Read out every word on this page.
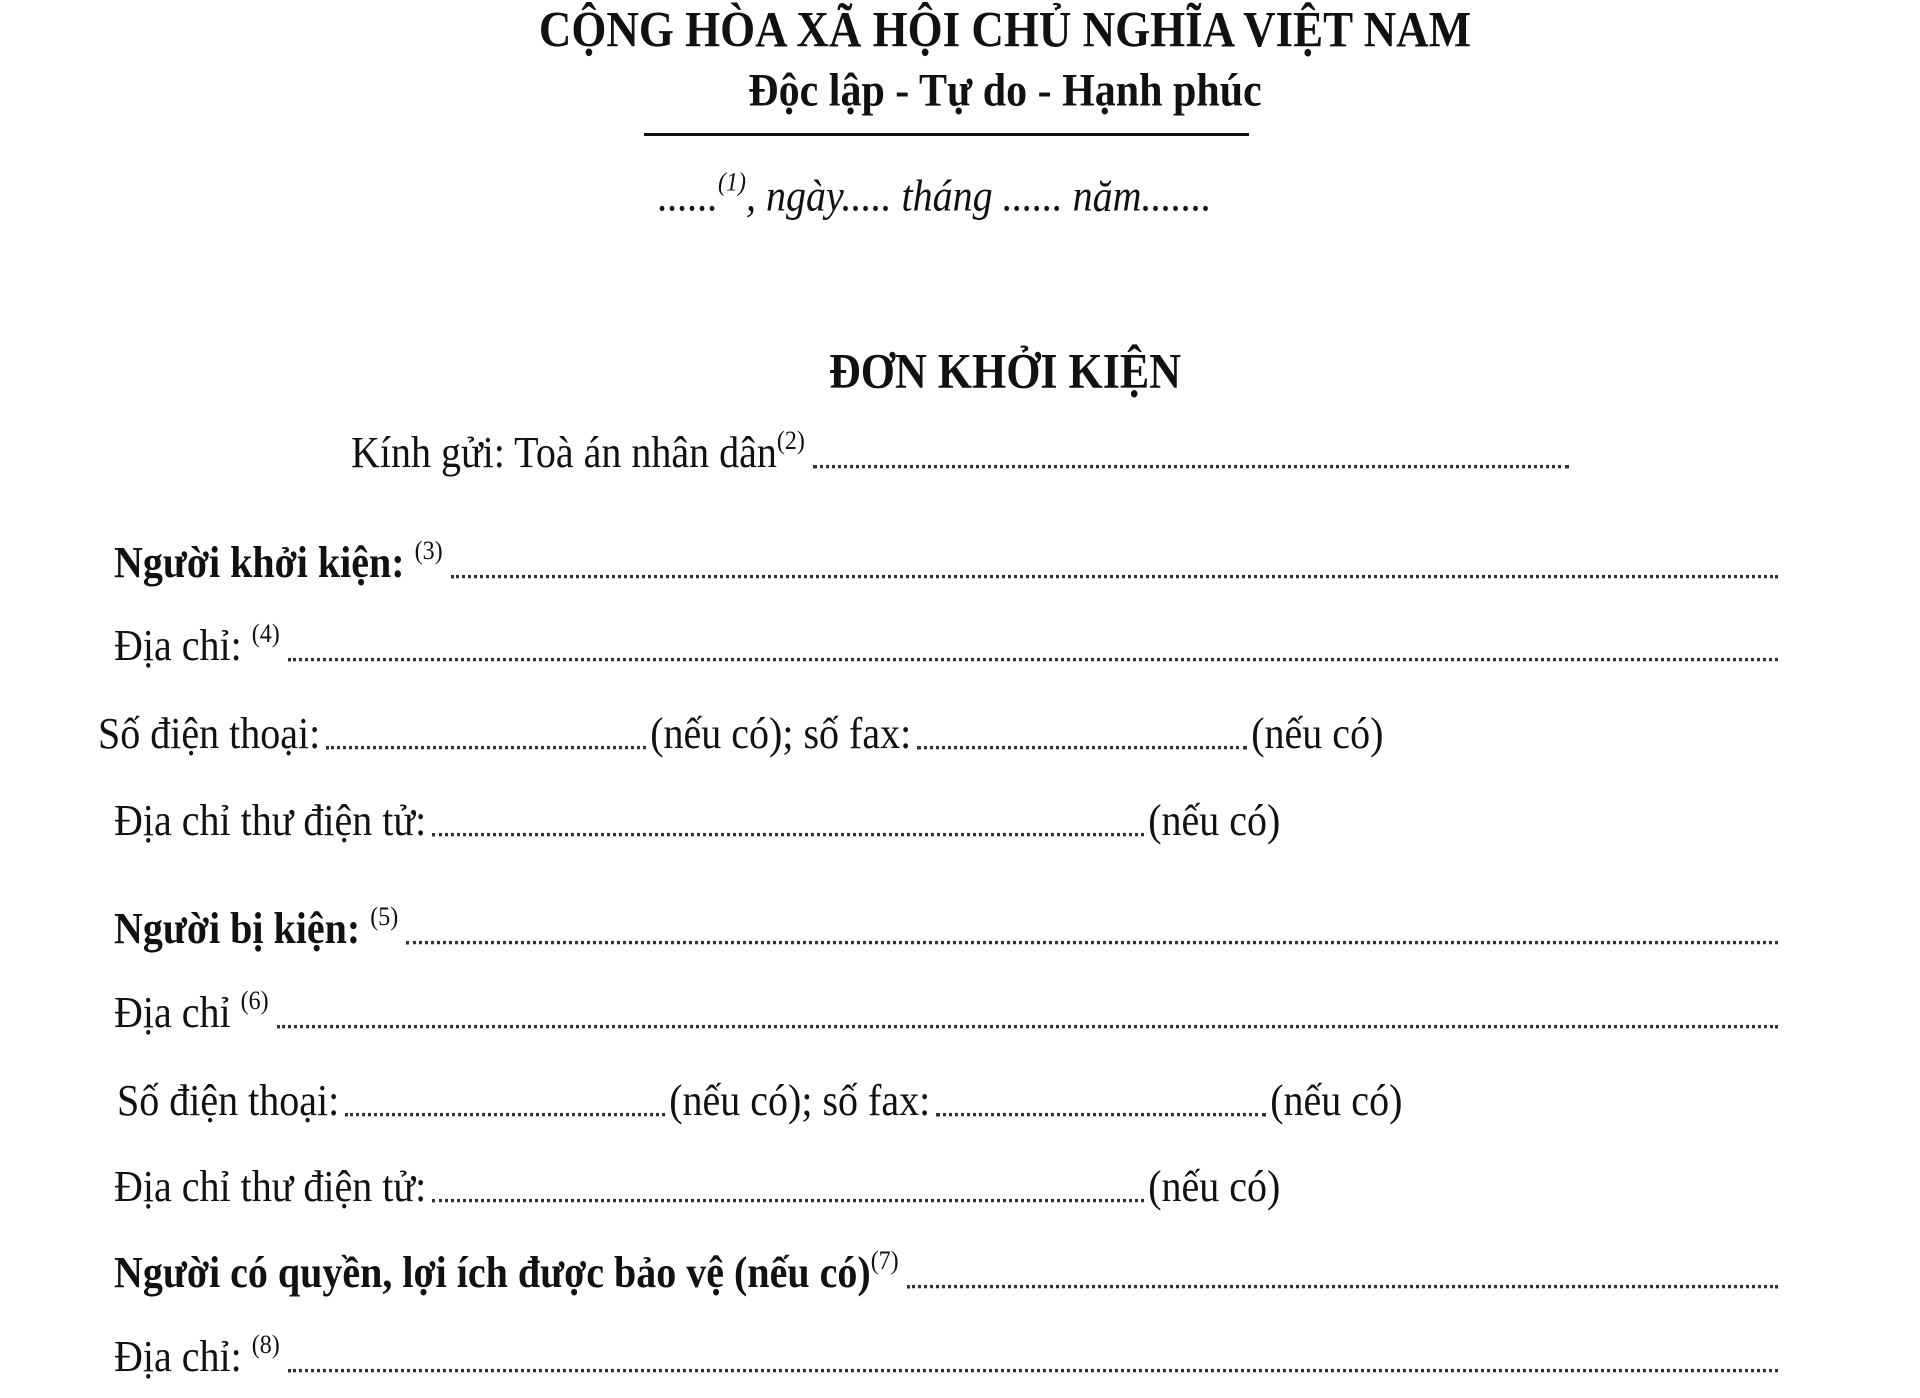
CỘNG HÒA XÃ HỘI CHỦ NGHĨA VIỆT NAM
Độc lập - Tự do - Hạnh phúc
......$^{(1)}$, ngày..... tháng ...... năm.......
ĐƠN KHỞI KIỆN
Kính gửi: Toà án nhân dân $^{(2)}$
Người khởi kiện:
$^{(3)}$
Địa chỉ:
$^{(4)}$
Số điện thoại:	(nếu có); số fax:	(nếu có)
Địa chỉ thư điện tử:	(nếu có)
Người bị kiện:
$^{(5)}$
Địa chỉ
$^{(6)}$
Số điện thoại:	(nếu có); số fax:	(nếu có)
Địa chỉ thư điện tử:	(nếu có)
Người có quyền, lợi ích được bảo vệ (nếu có)$^{(7)}$
Địa chỉ:
$^{(8)}$
